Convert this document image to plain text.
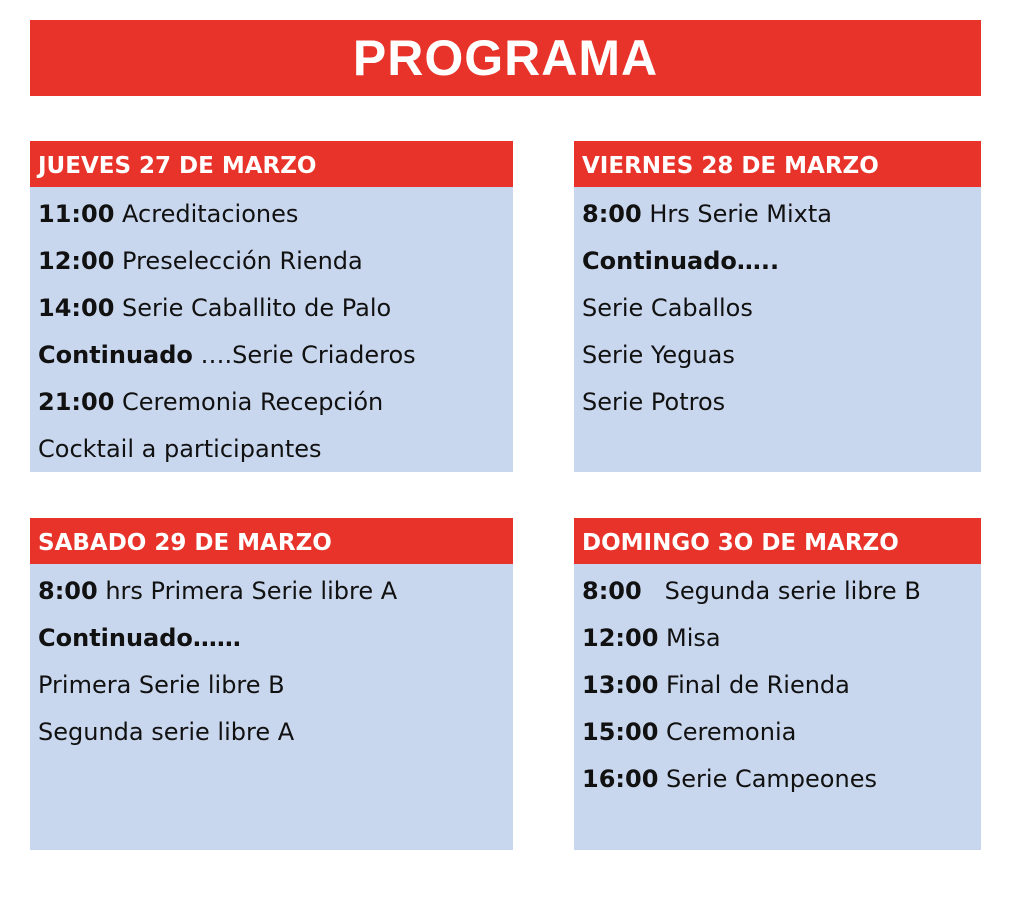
PROGRAMA
JUEVES 27 DE MARZO
11:00 Acreditaciones
12:00 Preselección Rienda
14:00 Serie Caballito de Palo
Continuado ….Serie Criaderos
21:00 Ceremonia Recepción
Cocktail a participantes
VIERNES 28 DE MARZO
8:00 Hrs Serie Mixta
Continuado…..
Serie Caballos
Serie Yeguas
Serie Potros
SABADO 29 DE MARZO
8:00 hrs Primera Serie libre A
Continuado……
Primera Serie libre B
Segunda serie libre A
DOMINGO 3O DE MARZO
8:00   Segunda serie libre B
12:00 Misa
13:00 Final de Rienda
15:00 Ceremonia
16:00 Serie Campeones
